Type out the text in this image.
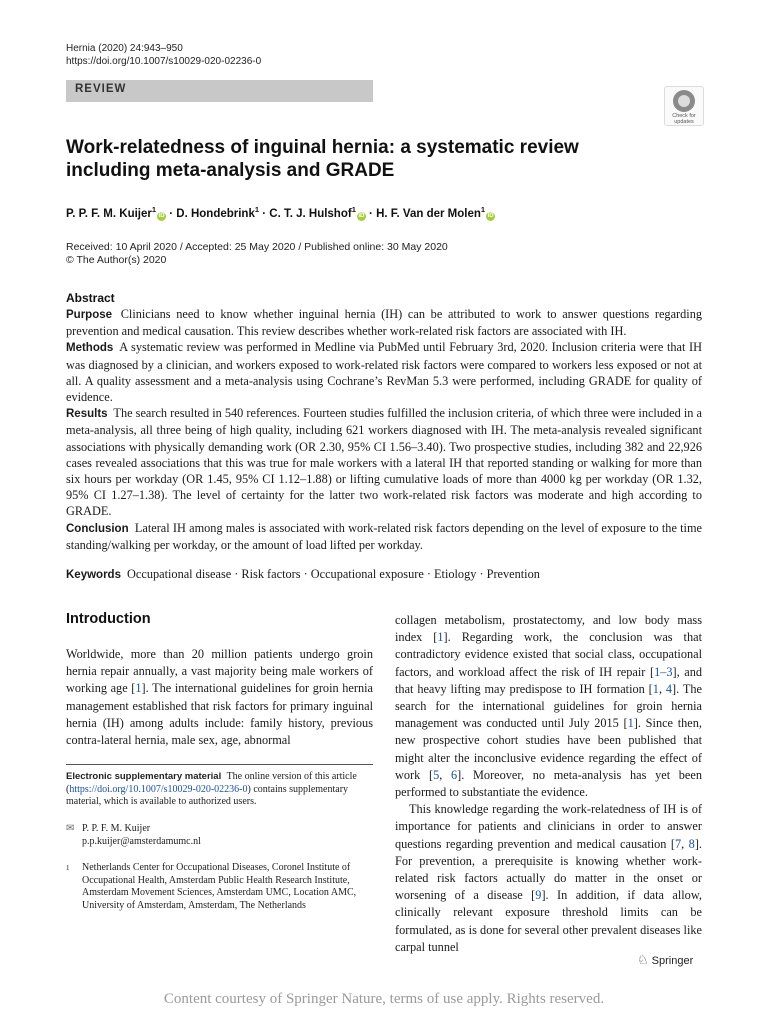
Hernia (2020) 24:943–950
https://doi.org/10.1007/s10029-020-02236-0
REVIEW
Check for updates
Work-relatedness of inguinal hernia: a systematic review including meta-analysis and GRADE
P. P. F. M. Kuijer$^1$iD · D. Hondebrink$^1$ · C. T. J. Hulshof$^1$iD · H. F. Van der Molen$^1$iD
Received: 10 April 2020 / Accepted: 25 May 2020 / Published online: 30 May 2020
© The Author(s) 2020
Abstract

Purpose Clinicians need to know whether inguinal hernia (IH) can be attributed to work to answer questions regarding prevention and medical causation. This review describes whether work-related risk factors are associated with IH.

Methods A systematic review was performed in Medline via PubMed until February 3rd, 2020. Inclusion criteria were that IH was diagnosed by a clinician, and workers exposed to work-related risk factors were compared to workers less exposed or not at all. A quality assessment and a meta-analysis using Cochrane’s RevMan 5.3 were performed, including GRADE for quality of evidence.

Results The search resulted in 540 references. Fourteen studies fulfilled the inclusion criteria, of which three were included in a meta-analysis, all three being of high quality, including 621 workers diagnosed with IH. The meta-analysis revealed significant associations with physically demanding work (OR 2.30, 95% CI 1.56–3.40). Two prospective studies, including 382 and 22,926 cases revealed associations that this was true for male workers with a lateral IH that reported standing or walking for more than six hours per workday (OR 1.45, 95% CI 1.12–1.88) or lifting cumulative loads of more than 4000 kg per workday (OR 1.32, 95% CI 1.27–1.38). The level of certainty for the latter two work-related risk factors was moderate and high according to GRADE.

Conclusion Lateral IH among males is associated with work-related risk factors depending on the level of exposure to the time standing/walking per workday, or the amount of load lifted per workday.

Keywords Occupational disease · Risk factors · Occupational exposure · Etiology · Prevention
Introduction

Worldwide, more than 20 million patients undergo groin hernia repair annually, a vast majority being male workers of working age [1]. The international guidelines for groin hernia management established that risk factors for primary inguinal hernia (IH) among adults include: family history, previous contra-lateral hernia, male sex, age, abnormal

collagen metabolism, prostatectomy, and low body mass index [1]. Regarding work, the conclusion was that contradictory evidence existed that social class, occupational factors, and workload affect the risk of IH repair [1–3], and that heavy lifting may predispose to IH formation [1, 4]. The search for the international guidelines for groin hernia management was conducted until July 2015 [1]. Since then, new prospective cohort studies have been published that might alter the inconclusive evidence regarding the effect of work [5, 6]. Moreover, no meta-analysis has yet been performed to substantiate the evidence.

This knowledge regarding the work-relatedness of IH is of importance for patients and clinicians in order to answer questions regarding prevention and medical causation [7, 8]. For prevention, a prerequisite is knowing whether work-related risk factors actually do matter in the onset or worsening of a disease [9]. In addition, if data allow, clinically relevant exposure threshold limits can be formulated, as is done for several other prevalent diseases like carpal tunnel

Electronic supplementary material The online version of this article (https://doi.org/10.1007/s10029-020-02236-0) contains supplementary material, which is available to authorized users.
✉ P. P. F. M. Kuijer
p.p.kuijer@amsterdamumc.nl
1 Netherlands Center for Occupational Diseases, Coronel Institute of Occupational Health, Amsterdam Public Health Research Institute, Amsterdam Movement Sciences, Amsterdam UMC, Location AMC, University of Amsterdam, Amsterdam, The Netherlands
♘ Springer
Content courtesy of Springer Nature, terms of use apply. Rights reserved.
